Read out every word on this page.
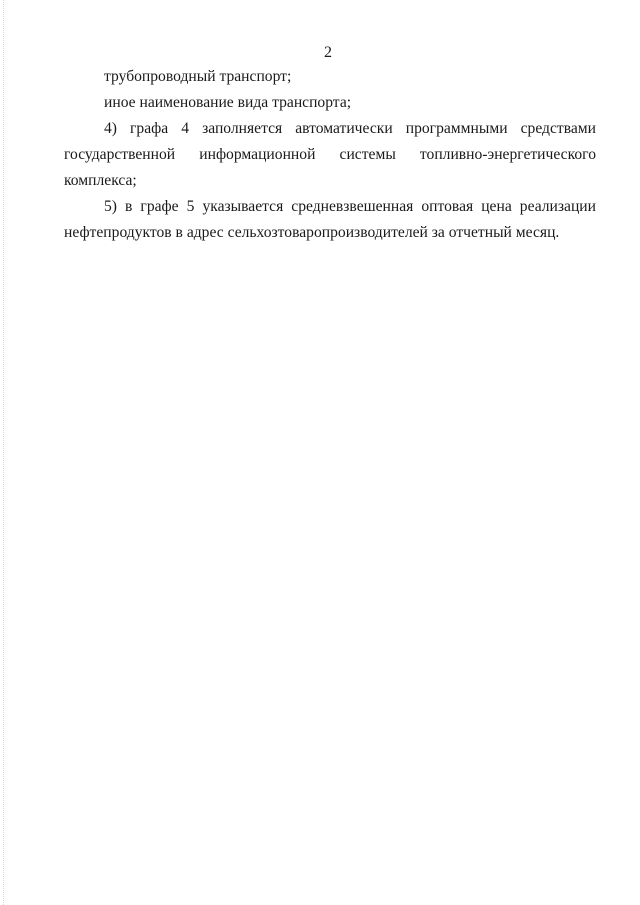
2

трубопроводный транспорт;

иное наименование вида транспорта;

4) графа 4 заполняется автоматически программными средствами государственной информационной системы топливно-энергетического комплекса;

5) в графе 5 указывается средневзвешенная оптовая цена реализации нефтепродуктов в адрес сельхозтоваропроизводителей за отчетный месяц.
